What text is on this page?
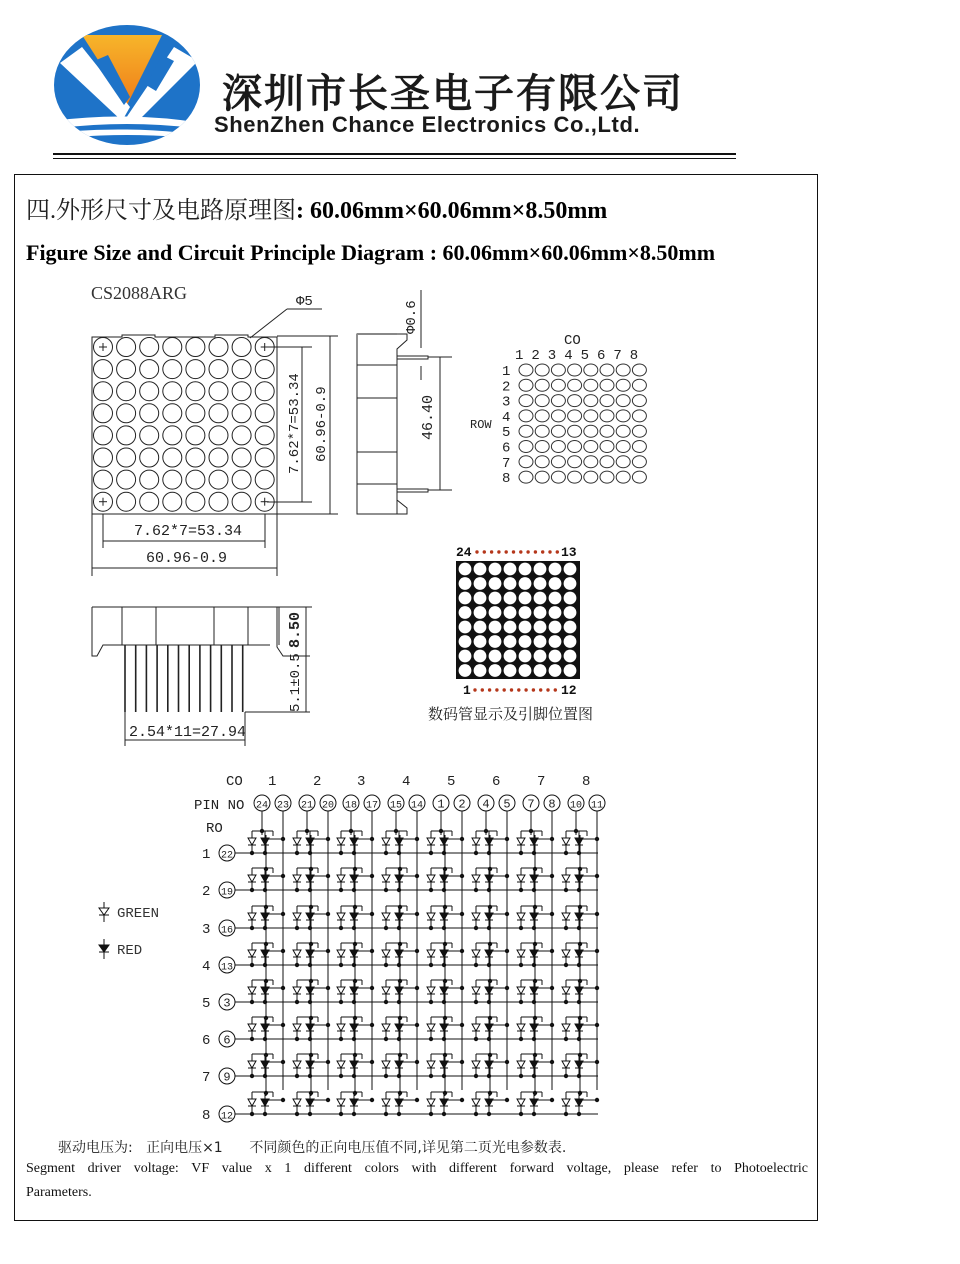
深圳市长圣电子有限公司
ShenZhen Chance Electronics Co.,Ltd.
四.外形尺寸及电路原理图: 60.06mm×60.06mm×8.50mm
Figure Size and Circuit Principle Diagram : 60.06mm×60.06mm×8.50mm
CS2088ARG	Φ5
7.62*7=53.34 60.96-0.9
7.62*7=53.34
60.96-0.9
Φ0.6
46.40
CO
1 2 3 4 5 6 7 8
ROW
1
2
3
4
5
6
7
8
8.50
5.1±0.5
2.54*11=27.94
24	13
1	12
CO
PIN NO
RO
1
24 23
2
21 20
3
18 17
4
15 14
5
1 2
6
4 5
7
7 8
8
10 11
1 22
2 19
3 16
4 13
5 3
6 6
7 9
8 12
GREEN
RED
数码管显示及引脚位置图
驱动电压为:   正向电压×1      不同颜色的正向电压值不同,详见第二页光电参数表.
Segment driver voltage: VF value x 1 different colors with different forward voltage, please refer to Photoelectric
Parameters.
